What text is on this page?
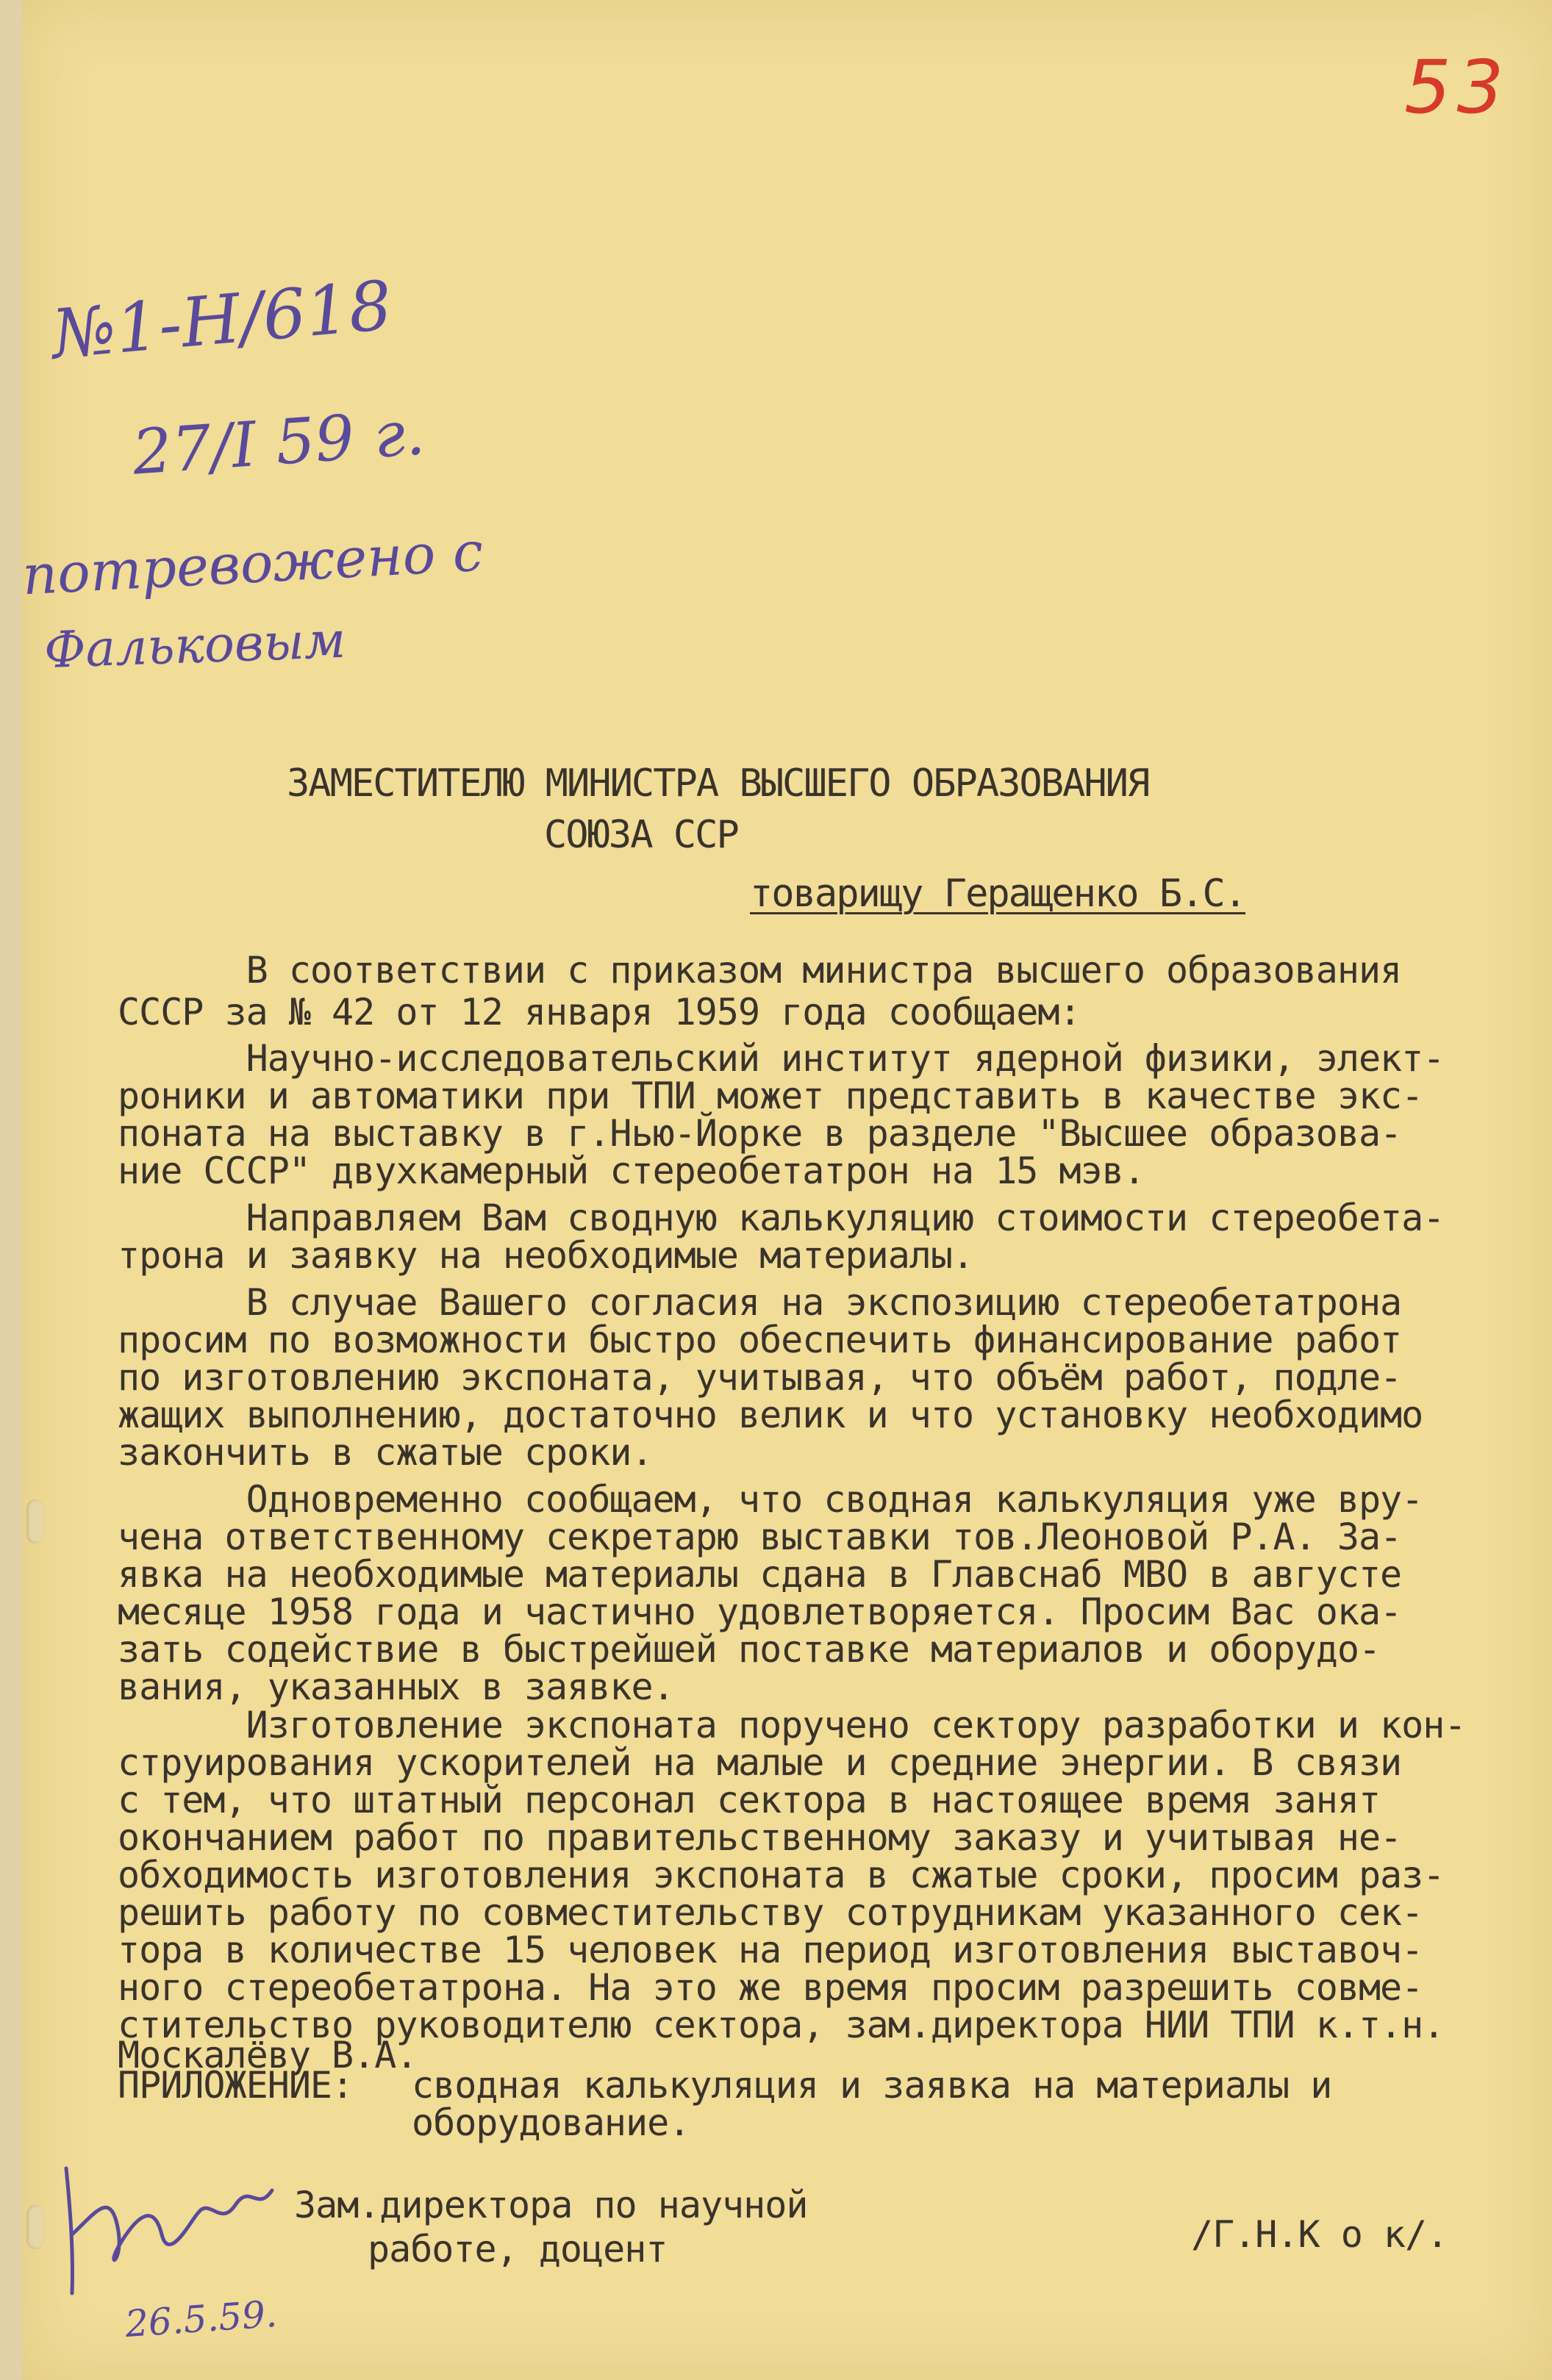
53
№1-Н/618
27/I 59 г.
потревожено с
Фальковым
ЗАМЕСТИТЕЛЮ МИНИСТРА ВЫСШЕГО ОБРАЗОВАНИЯ
СОЮЗА ССР
товарищу Геращенко Б.С.
В соответствии с приказом министра высшего образования
ССCР за № 42 от 12 января 1959 года сообщаем:
Научно-исследовательский институт ядерной физики, элект-
роники и автоматики при ТПИ может представить в качестве экс-
поната на выставку в г.Нью-Йорке в разделе "Высшее образова-
ние СССР" двухкамерный стереобетатрон на 15 мэв.
Направляем Вам сводную калькуляцию стоимости стереобета-
трона и заявку на необходимые материалы.
В случае Вашего согласия на экспозицию стереобетатрона
просим по возможности быстро обеспечить финансирование работ
по изготовлению экспоната, учитывая, что объём работ, подле-
жащих выполнению, достаточно велик и что установку необходимо
закончить в сжатые сроки.
Одновременно сообщаем, что сводная калькуляция уже вру-
чена ответственному секретарю выставки тов.Леоновой Р.А. За-
явка на необходимые материалы сдана в Главснаб МВО в августе
месяце 1958 года и частично удовлетворяется. Просим Вас ока-
зать содействие в быстрейшей поставке материалов и оборудо-
вания, указанных в заявке.
Изготовление экспоната поручено сектору разработки и кон-
струирования ускорителей на малые и средние энергии. В связи
с тем, что штатный персонал сектора в настоящее время занят
окончанием работ по правительственному заказу и учитывая не-
обходимость изготовления экспоната в сжатые сроки, просим раз-
решить работу по совместительству сотрудникам указанного сек-
тора в количестве 15 человек на период изготовления выставоч-
ного стереобетатрона. На это же время просим разрешить совме-
стительство руководителю сектора, зам.директора НИИ ТПИ к.т.н.
Москалёву В.А.
ПРИЛОЖЕНИЕ: сводная калькуляция и заявка на материалы и
оборудование.
Зам.директора по научной
работе, доцент	/Г.Н.К о к/.
26.5.59.
